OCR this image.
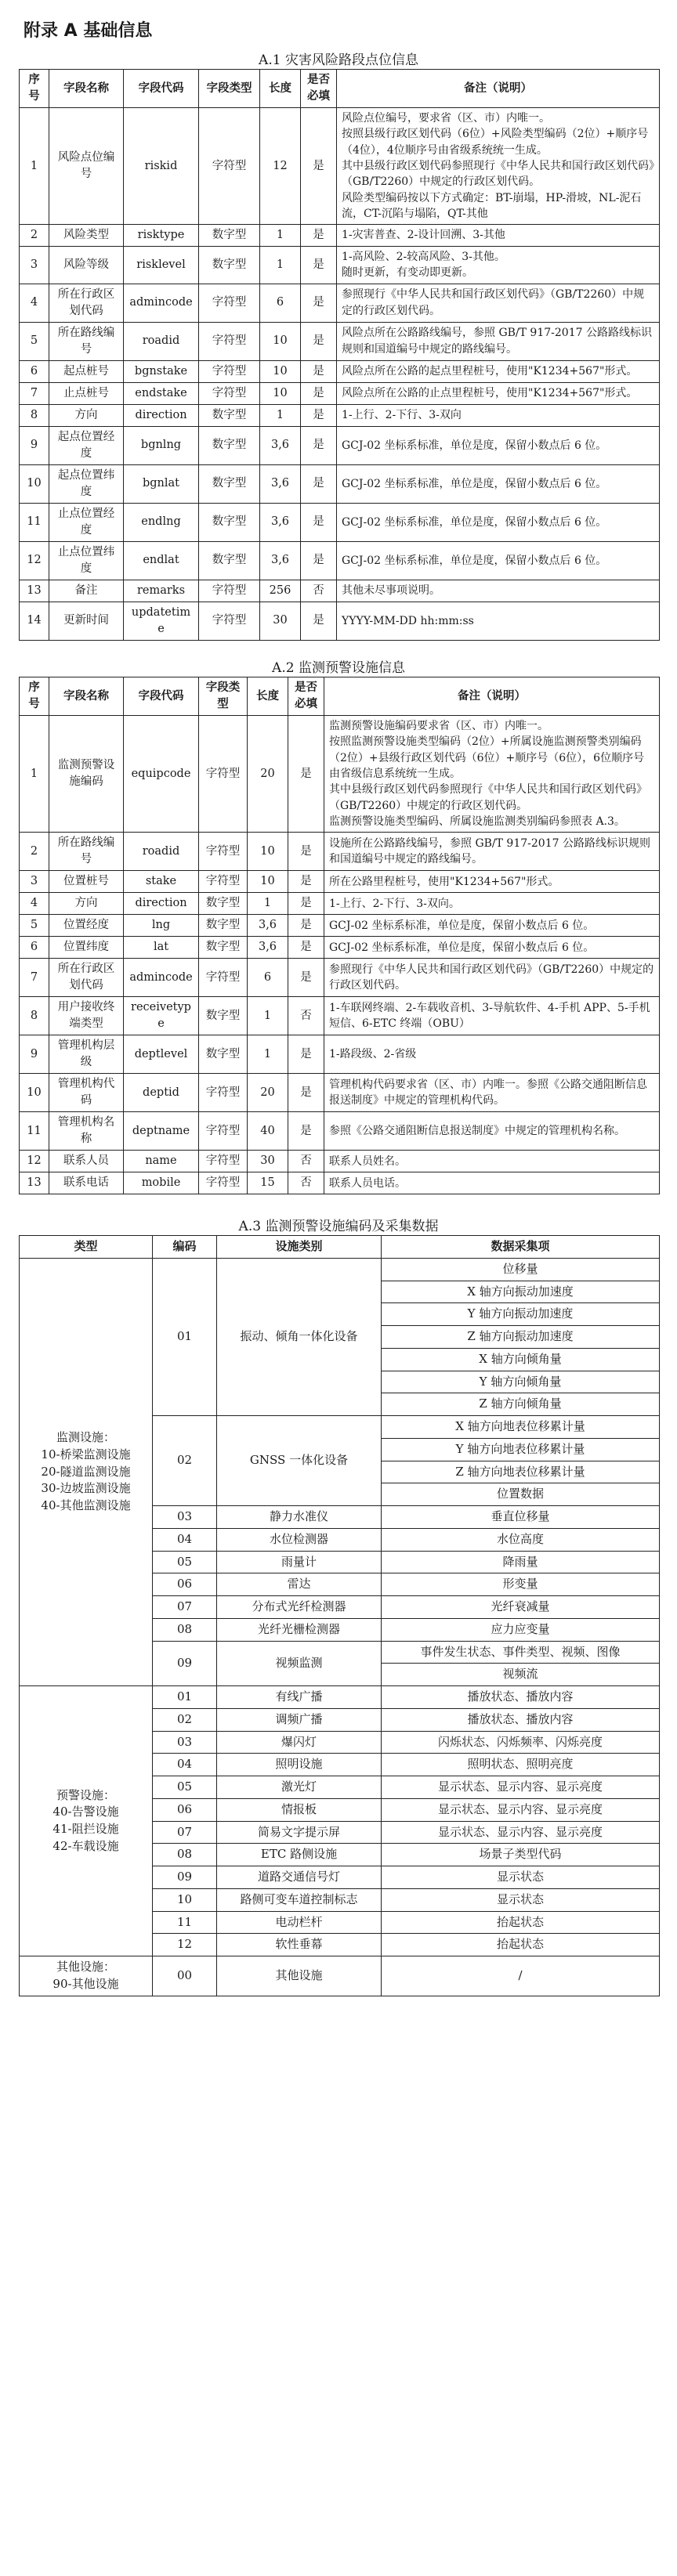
附录 A 基础信息
A.1 灾害风险路段点位信息
序号	字段名称	字段代码	字段类型	长度	是否必填	备注（说明）
1	风险点位编号	riskid	字符型	12	是	风险点位编号，要求省（区、市）内唯一。
按照县级行政区划代码（6位）+风险类型编码（2位）+顺序号（4位），4位顺序号由省级系统统一生成。
其中县级行政区划代码参照现行《中华人民共和国行政区划代码》（GB/T2260）中规定的行政区划代码。
风险类型编码按以下方式确定：BT-崩塌，HP-滑坡，NL-泥石流，CT-沉陷与塌陷，QT-其他
2	风险类型	risktype	数字型	1	是	1-灾害普查、2-设计回溯、3-其他
3	风险等级	risklevel	数字型	1	是	1-高风险、2-较高风险、3-其他。
随时更新，有变动即更新。
4	所在行政区划代码	admincode	字符型	6	是	参照现行《中华人民共和国行政区划代码》（GB/T2260）中规定的行政区划代码。
5	所在路线编号	roadid	字符型	10	是	风险点所在公路路线编号，参照 GB/T 917-2017 公路路线标识规则和国道编号中规定的路线编号。
6	起点桩号	bgnstake	字符型	10	是	风险点所在公路的起点里程桩号，使用"K1234+567"形式。
7	止点桩号	endstake	字符型	10	是	风险点所在公路的止点里程桩号，使用"K1234+567"形式。
8	方向	direction	数字型	1	是	1-上行、2-下行、3-双向
9	起点位置经度	bgnlng	数字型	3,6	是	GCJ-02 坐标系标准，单位是度，保留小数点后 6 位。
10	起点位置纬度	bgnlat	数字型	3,6	是	GCJ-02 坐标系标准，单位是度，保留小数点后 6 位。
11	止点位置经度	endlng	数字型	3,6	是	GCJ-02 坐标系标准，单位是度，保留小数点后 6 位。
12	止点位置纬度	endlat	数字型	3,6	是	GCJ-02 坐标系标准，单位是度，保留小数点后 6 位。
13	备注	remarks	字符型	256	否	其他未尽事项说明。
14	更新时间	updatetime	字符型	30	是	YYYY-MM-DD hh:mm:ss
A.2 监测预警设施信息
序号	字段名称	字段代码	字段类型	长度	是否必填	备注（说明）
1	监测预警设施编码	equipcode	字符型	20	是	监测预警设施编码要求省（区、市）内唯一。
按照监测预警设施类型编码（2位）+所属设施监测预警类别编码（2位）+县级行政区划代码（6位）+顺序号（6位），6位顺序号由省级信息系统统一生成。
其中县级行政区划代码参照现行《中华人民共和国行政区划代码》（GB/T2260）中规定的行政区划代码。
监测预警设施类型编码、所属设施监测类别编码参照表 A.3。
2	所在路线编号	roadid	字符型	10	是	设施所在公路路线编号，参照 GB/T 917-2017 公路路线标识规则和国道编号中规定的路线编号。
3	位置桩号	stake	字符型	10	是	所在公路里程桩号，使用"K1234+567"形式。
4	方向	direction	数字型	1	是	1-上行、2-下行、3-双向。
5	位置经度	lng	数字型	3,6	是	GCJ-02 坐标系标准，单位是度，保留小数点后 6 位。
6	位置纬度	lat	数字型	3,6	是	GCJ-02 坐标系标准，单位是度，保留小数点后 6 位。
7	所在行政区划代码	admincode	字符型	6	是	参照现行《中华人民共和国行政区划代码》（GB/T2260）中规定的行政区划代码。
8	用户接收终端类型	receivetype	数字型	1	否	1-车联网终端、2-车载收音机、3-导航软件、4-手机 APP、5-手机短信、6-ETC 终端（OBU）
9	管理机构层级	deptlevel	数字型	1	是	1-路段级、2-省级
10	管理机构代码	deptid	字符型	20	是	管理机构代码要求省（区、市）内唯一。参照《公路交通阻断信息报送制度》中规定的管理机构代码。
11	管理机构名称	deptname	字符型	40	是	参照《公路交通阻断信息报送制度》中规定的管理机构名称。
12	联系人员	name	字符型	30	否	联系人员姓名。
13	联系电话	mobile	字符型	15	否	联系人员电话。
A.3 监测预警设施编码及采集数据
类型	编码	设施类别	数据采集项
监测设施：
10-桥梁监测设施
20-隧道监测设施
30-边坡监测设施
40-其他监测设施	01	振动、倾角一体化设备	位移量
			X 轴方向振动加速度
			Y 轴方向振动加速度
			Z 轴方向振动加速度
			X 轴方向倾角量
			Y 轴方向倾角量
			Z 轴方向倾角量
	02	GNSS 一体化设备	X 轴方向地表位移累计量
			Y 轴方向地表位移累计量
			Z 轴方向地表位移累计量
			位置数据
	03	静力水准仪	垂直位移量
	04	水位检测器	水位高度
	05	雨量计	降雨量
	06	雷达	形变量
	07	分布式光纤检测器	光纤衰减量
	08	光纤光栅检测器	应力应变量
	09	视频监测	事件发生状态、事件类型、视频、图像
			视频流
预警设施：
40-告警设施
41-阻拦设施
42-车载设施	01	有线广播	播放状态、播放内容
	02	调频广播	播放状态、播放内容
	03	爆闪灯	闪烁状态、闪烁频率、闪烁亮度
	04	照明设施	照明状态、照明亮度
	05	激光灯	显示状态、显示内容、显示亮度
	06	情报板	显示状态、显示内容、显示亮度
	07	简易文字提示屏	显示状态、显示内容、显示亮度
	08	ETC 路侧设施	场景子类型代码
	09	道路交通信号灯	显示状态
	10	路侧可变车道控制标志	显示状态
	11	电动栏杆	抬起状态
	12	软性垂幕	抬起状态
其他设施：
90-其他设施	00	其他设施	/
